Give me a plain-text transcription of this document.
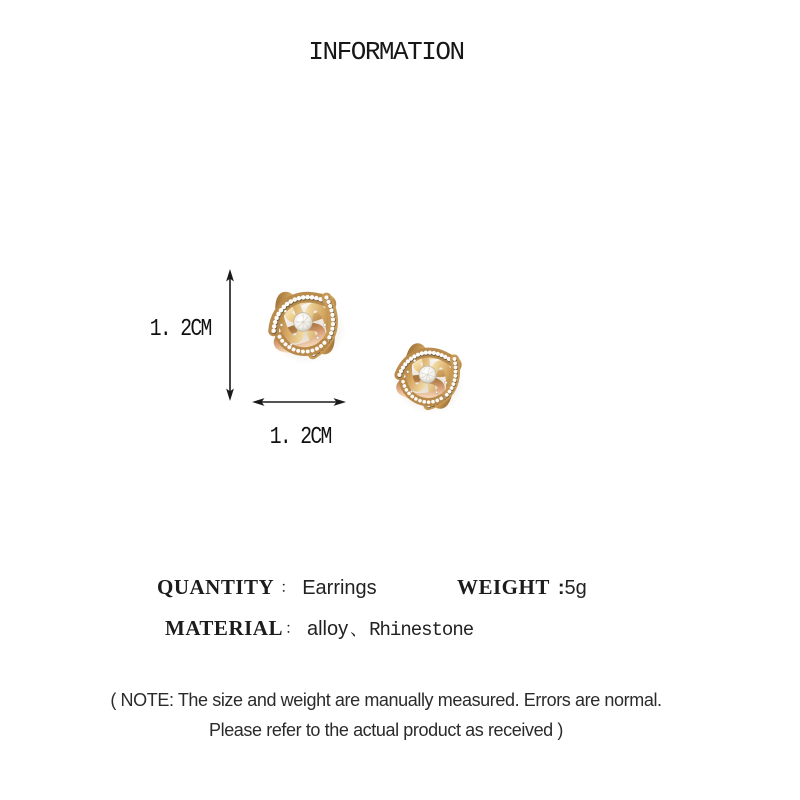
INFORMATION
1. 2CM
1. 2CM
QUANTITY ： Earrings	WEIGHT :5g
MATERIAL ： alloy 、 Rhinestone
( NOTE: The size and weight are manually measured. Errors are normal.
Please refer to the actual product as received )
